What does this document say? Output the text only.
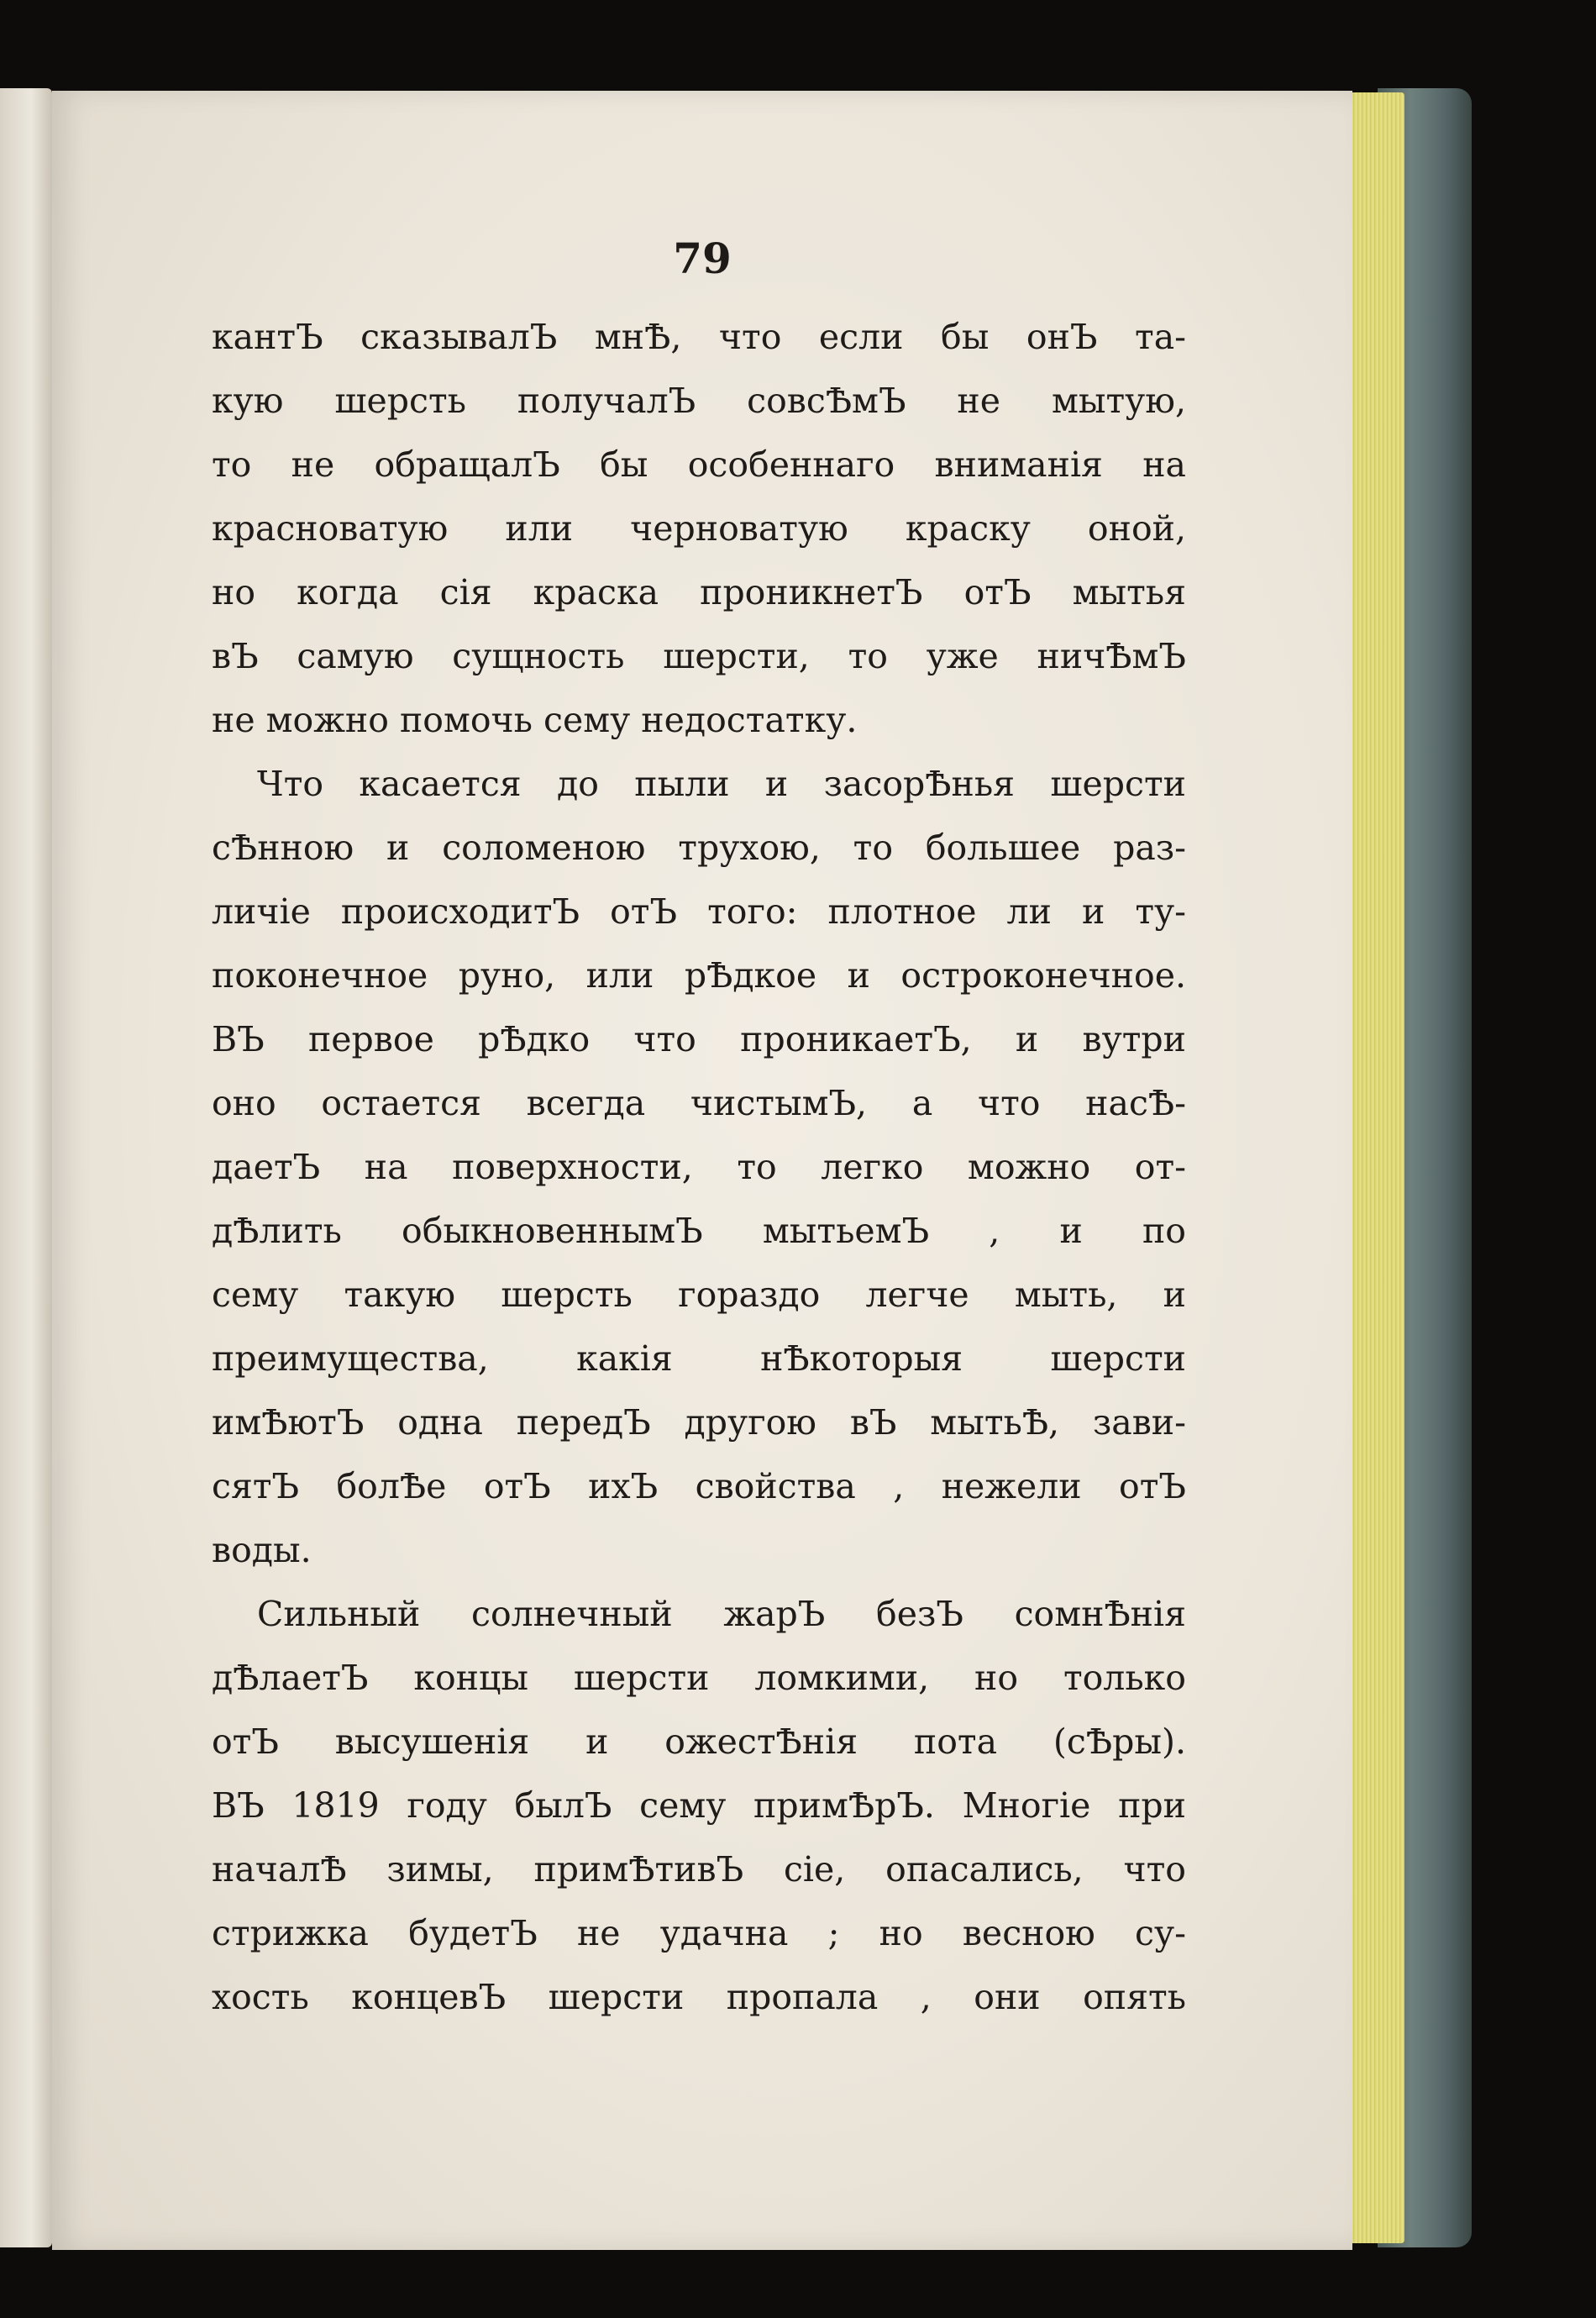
79
кантЪ сказывалЪ мнѢ, что если бы онЪ та-
кую шерсть получалЪ совсѢмЪ не мытую,
то не обращалЪ бы особеннаго вниманія на
красноватую или черноватую краску оной,
но когда сія краска проникнетЪ отЪ мытья
вЪ самую сущность шерсти, то уже ничѢмЪ
не можно помочь сему недостатку.
Что касается до пыли и засорѢнья шерсти
сѢнною и соломеною трухою, то большее раз-
личіе происходитЪ отЪ того: плотное ли и ту-
поконечное руно, или рѢдкое и остроконечное.
ВЪ первое рѢдко что проникаетЪ, и вутри
оно остается всегда чистымЪ, а что насѢ-
даетЪ на поверхности, то легко можно от-
дѢлить обыкновеннымЪ мытьемЪ , и по
сему такую шерсть гораздо легче мыть, и
преимущества, какія нѢкоторыя шерсти
имѢютЪ одна передЪ другою вЪ мытьѢ, зави-
сятЪ болѢе отЪ ихЪ свойства , нежели отЪ
воды.
Сильный солнечный жарЪ безЪ сомнѢнія
дѢлаетЪ концы шерсти ломкими, но только
отЪ высушенія и ожестѢнія пота (сѢры).
ВЪ 1819 году былЪ сему примѢрЪ. Многіе при
началѢ зимы, примѢтивЪ сіе, опасались, что
стрижка будетЪ не удачна ; но весною су-
хость концевЪ шерсти пропала , они опять
